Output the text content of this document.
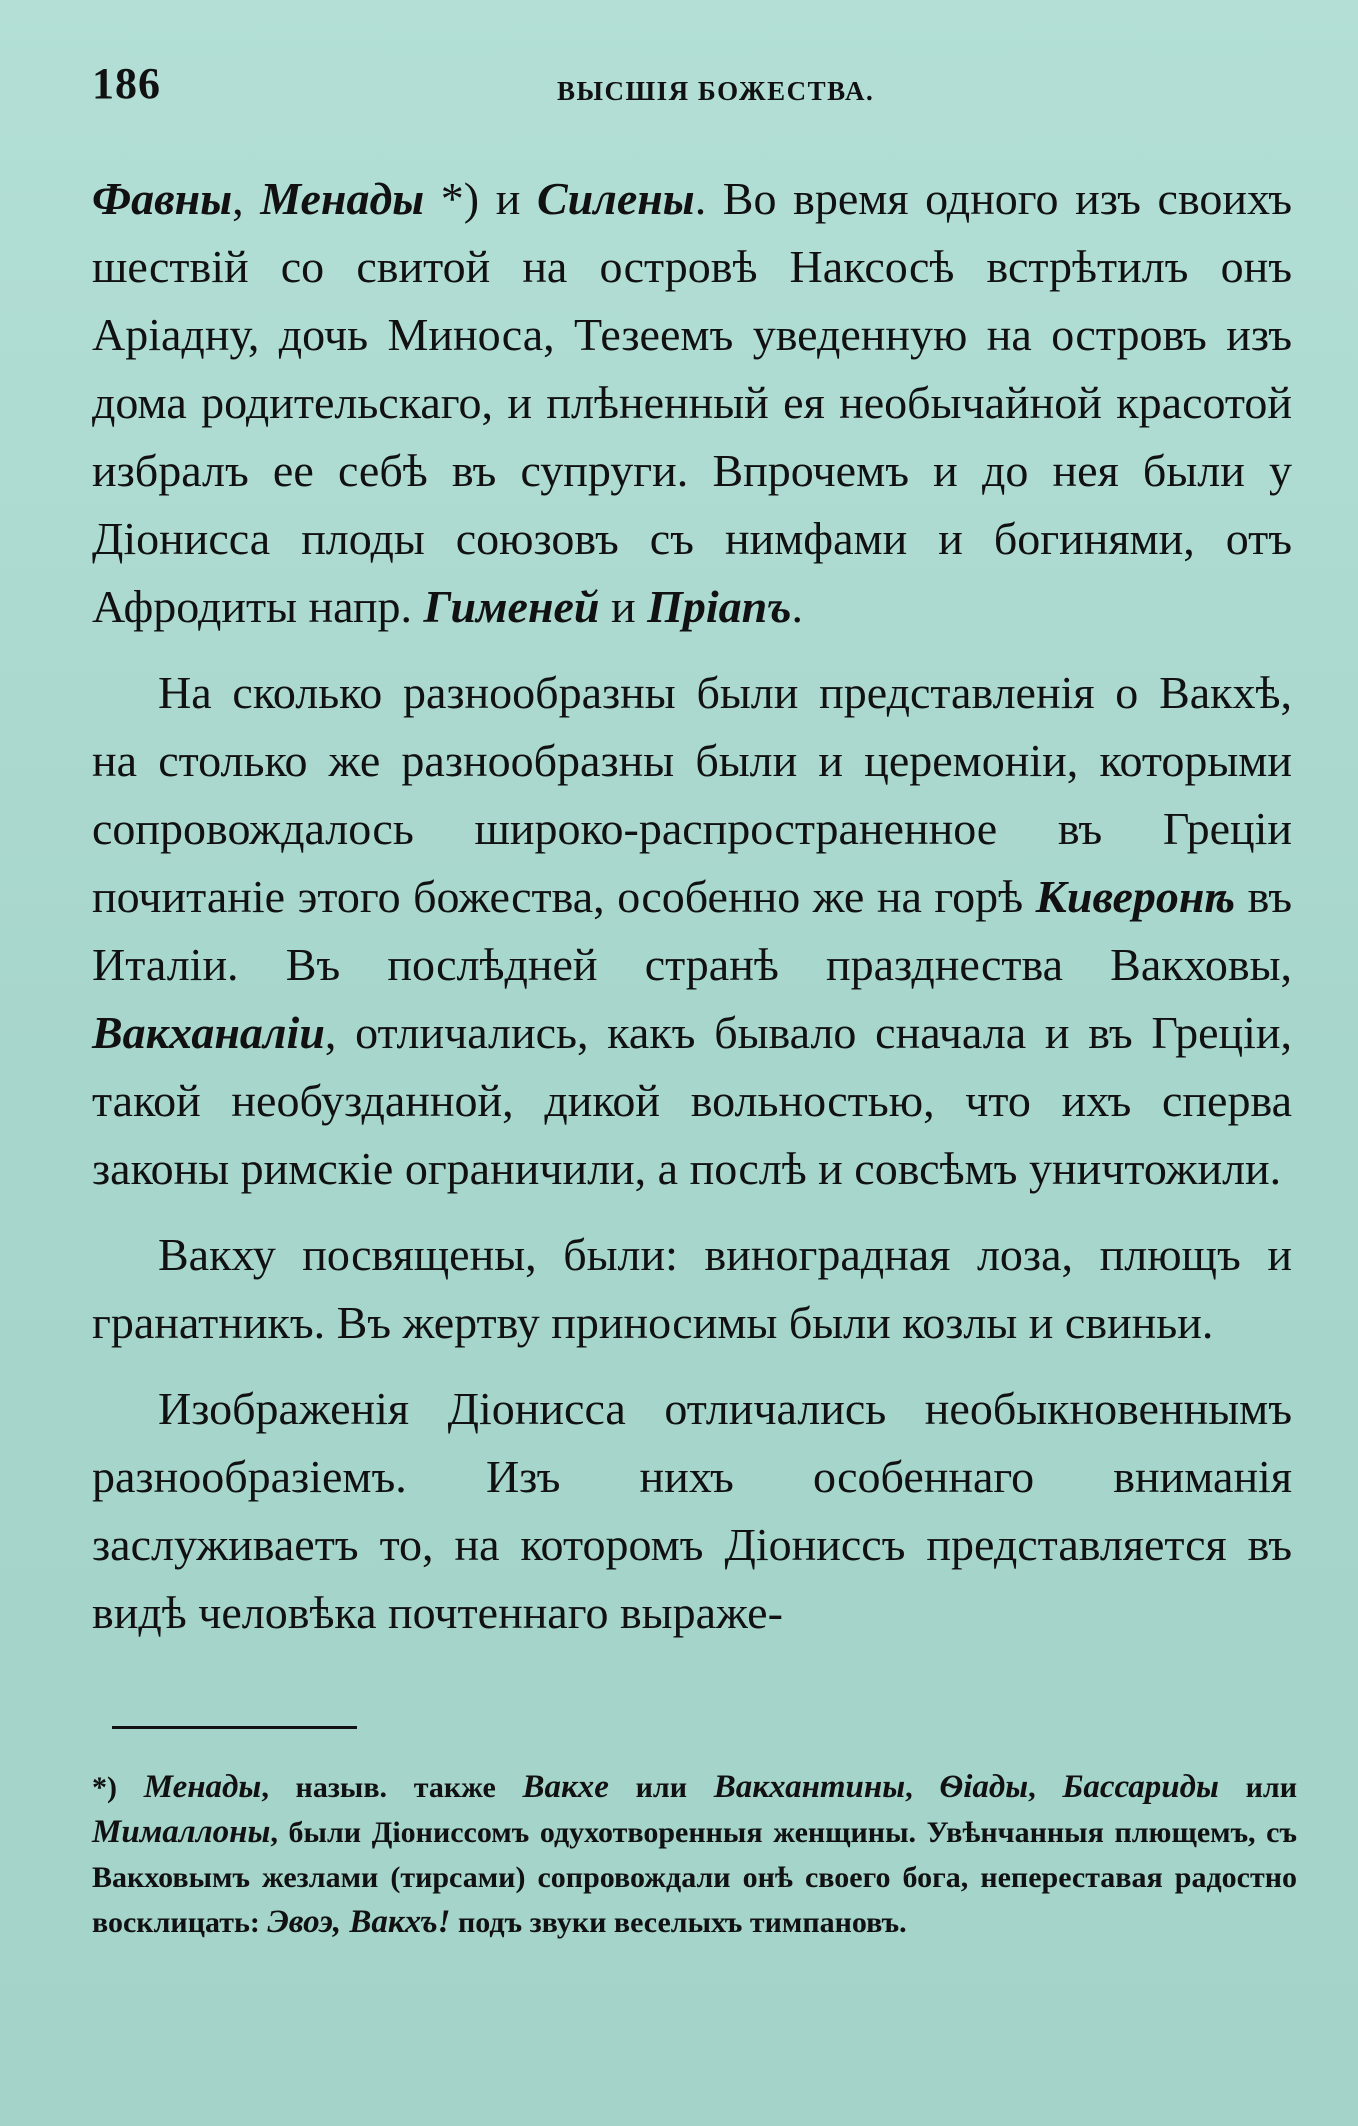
186	ВЫСШІЯ БОЖЕСТВА.

Фавны, Менады *) и Силены. Во время одного изъ своихъ шествій со свитой на островѣ Наксосѣ встрѣтилъ онъ Аріадну, дочь Миноса, Тезеемъ уведенную на островъ изъ дома родительскаго, и плѣненный ея необычайной красотой избралъ ее себѣ въ супруги. Впрочемъ и до нея были у Діонисса плоды союзовъ съ нимфами и богинями, отъ Афродиты напр. Гименей и Пріапъ.

На сколько разнообразны были представленія о Вакхѣ, на столько же разнообразны были и церемоніи, которыми сопровождалось широко-распространенное въ Греціи почитаніе этого божества, особенно же на горѣ Киверонѣ въ Италіи. Въ послѣдней странѣ празднества Вакховы, Вакханаліи, отличались, какъ бывало сначала и въ Греціи, такой необузданной, дикой вольностью, что ихъ сперва законы римскіе ограничили, а послѣ и совсѣмъ уничтожили.

Вакху посвящены, были: виноградная лоза, плющъ и гранатникъ. Въ жертву приносимы были козлы и свиньи.

Изображенія Діонисса отличались необыкновеннымъ разнообразіемъ. Изъ нихъ особеннаго вниманія заслуживаетъ то, на которомъ Діониссъ представляется въ видѣ человѣка почтеннаго выраже-

*) Менады, назыв. также Вакхе или Вакхантины, Ѳіады, Бассариды или Мималлоны, были Діониссомъ одухотворенныя женщины. Увѣнчанныя плющемъ, съ Вакховымъ жезлами (тирсами) сопровождали онѣ своего бога, непереставая радостно восклицать: Эвоэ, Вакхъ! подъ звуки веселыхъ тимпановъ.
